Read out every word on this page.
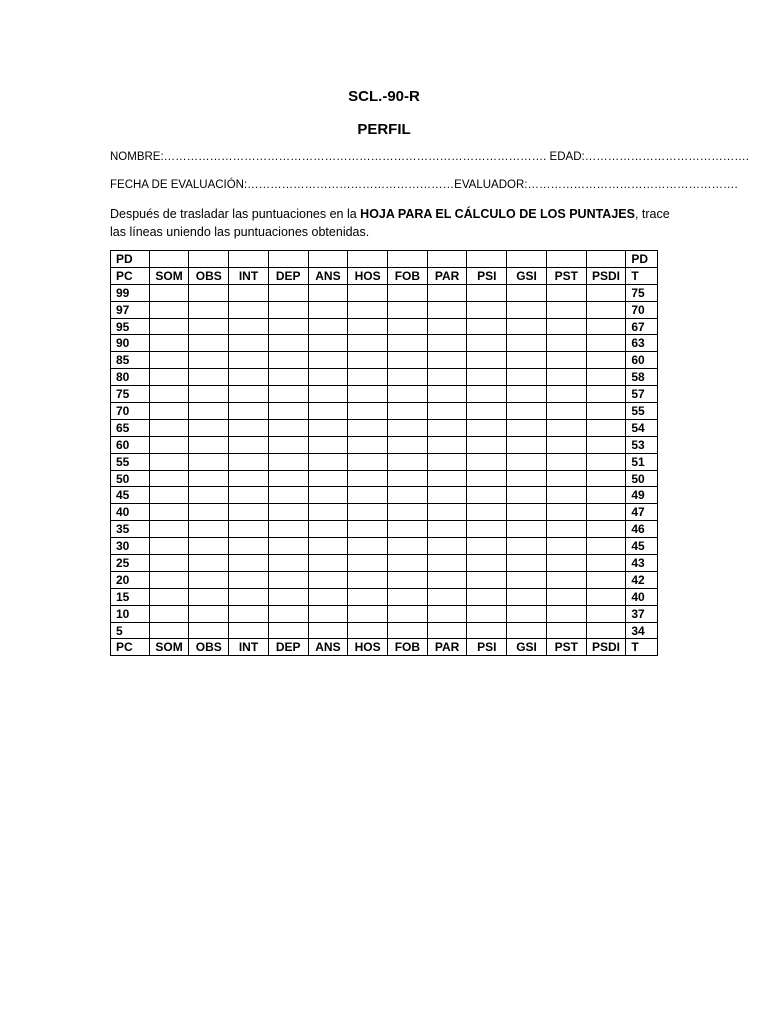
SCL.-90-R
PERFIL
NOMBRE:………………………………………………………………………………………. EDAD:…………………………………….
FECHA DE EVALUACIÓN:………………………………………………EVALUADOR:……………………………………………….
Después de trasladar las puntuaciones en la HOJA PARA EL CÁLCULO DE LOS PUNTAJES, trace las líneas uniendo las puntuaciones obtenidas.
PD													PD
PC	SOM	OBS	INT	DEP	ANS	HOS	FOB	PAR	PSI	GSI	PST	PSDI	T
99													75
97													70
95													67
90													63
85													60
80													58
75													57
70													55
65													54
60													53
55													51
50													50
45													49
40													47
35													46
30													45
25													43
20													42
15													40
10													37
5													34
PC	SOM	OBS	INT	DEP	ANS	HOS	FOB	PAR	PSI	GSI	PST	PSDI	T
